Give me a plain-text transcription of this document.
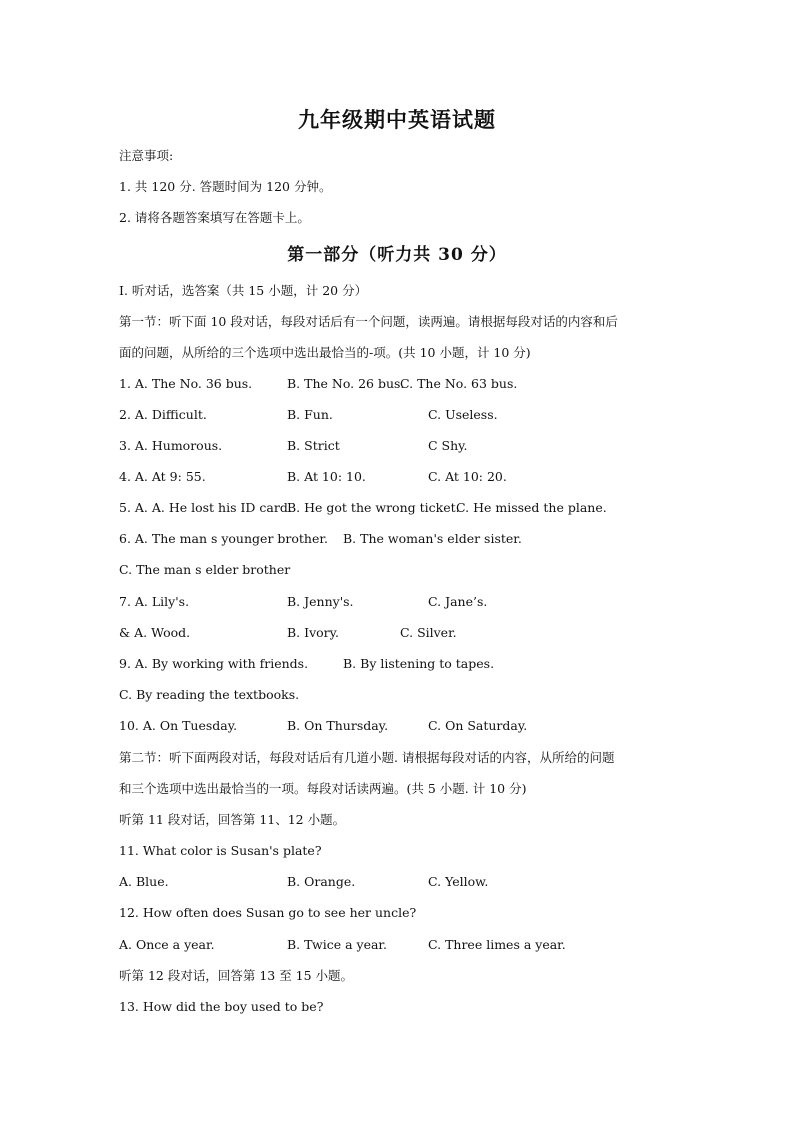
九年级期中英语试题
注意事项:
1. 共 120 分. 答题时间为 120 分钟。
2. 请将各题答案填写在答题卡上。
第一部分（听力共 30 分）
I. 听对话，选答案（共 15 小题，计 20 分）
第一节：听下面 10 段对话，每段对话后有一个问题，读两遍。请根据每段对话的内容和后
面的问题，从所给的三个选项中选出最恰当的-项。(共 10 小题，计 10 分)
1. A. The No. 36 bus.	B. The No. 26 bus.
C. The No. 63 bus.
2. A. Difficult.	B. Fun.	C. Useless.
3. A. Humorous.	B. Strict	C Shy.
4. A. At 9: 55.	B. At 10: 10.	C. At 10: 20.
5. A. A. He lost his ID card.
B. He got the wrong ticket.
C. He missed the plane.
6. A. The man s younger brother. B. The woman's elder sister.
C. The man s elder brother
7. A. Lily's.	B. Jenny's.	C. Jane’s.
& A. Wood.	B. Ivory.	C. Silver.
9. A. By working with friends.	B. By listening to tapes.
C. By reading the textbooks.
10. A. On Tuesday.	B. On Thursday.	C. On Saturday.
第二节：听下面两段对话，每段对话后有几道小题. 请根据每段对话的内容，从所给的问题
和三个选项中选出最恰当的一项。每段对话读两遍。(共 5 小题. 计 10 分)
听第 11 段对话，回答第 11、12 小题。
11. What color is Susan's plate?
A. Blue.	B. Orange.	C. Yellow.
12. How often does Susan go to see her uncle?
A. Once a year.	B. Twice a year.	C. Three limes a year.
听第 12 段对话，回答第 13 至 15 小题。
13. How did the boy used to be?
